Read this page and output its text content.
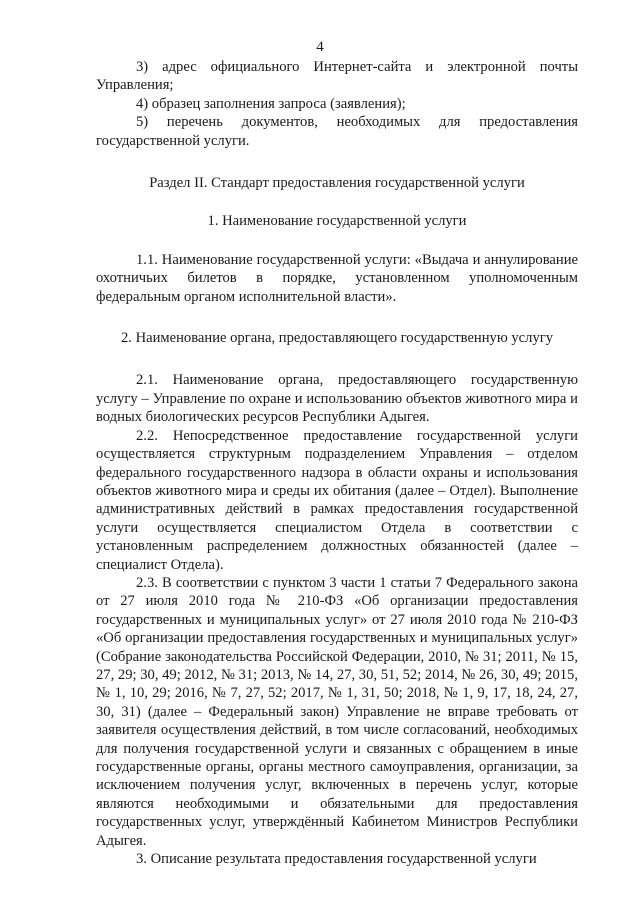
4

3) адрес официального Интернет-сайта и электронной почты Управления;

4) образец заполнения запроса (заявления);

5) перечень документов, необходимых для предоставления государственной услуги.

Раздел II. Стандарт предоставления государственной услуги

1. Наименование государственной услуги

1.1. Наименование государственной услуги: «Выдача и аннулирование охотничьих билетов в порядке, установленном уполномоченным федеральным органом исполнительной власти».

2. Наименование органа, предоставляющего государственную услугу

2.1. Наименование органа, предоставляющего государственную услугу – Управление по охране и использованию объектов животного мира и водных биологических ресурсов Республики Адыгея.

2.2. Непосредственное предоставление государственной услуги осуществляется структурным подразделением Управления – отделом федерального государственного надзора в области охраны и использования объектов животного мира и среды их обитания (далее – Отдел). Выполнение административных действий в рамках предоставления государственной услуги осуществляется специалистом Отдела в соответствии с установленным распределением должностных обязанностей (далее – специалист Отдела).

2.3. В соответствии с пунктом 3 части 1 статьи 7 Федерального закона от 27 июля 2010 года № 210-ФЗ «Об организации предоставления государственных и муниципальных услуг» от 27 июля 2010 года № 210-ФЗ «Об организации предоставления государственных и муниципальных услуг» (Собрание законодательства Российской Федерации, 2010, № 31; 2011, № 15, 27, 29; 30, 49; 2012, № 31; 2013, № 14, 27, 30, 51, 52; 2014, № 26, 30, 49; 2015, № 1, 10, 29; 2016, № 7, 27, 52; 2017, № 1, 31, 50; 2018, № 1, 9, 17, 18, 24, 27, 30, 31) (далее – Федеральный закон) Управление не вправе требовать от заявителя осуществления действий, в том числе согласований, необходимых для получения государственной услуги и связанных с обращением в иные государственные органы, органы местного самоуправления, организации, за исключением получения услуг, включенных в перечень услуг, которые являются необходимыми и обязательными для предоставления государственных услуг, утверждённый Кабинетом Министров Республики Адыгея.

3. Описание результата предоставления государственной услуги
